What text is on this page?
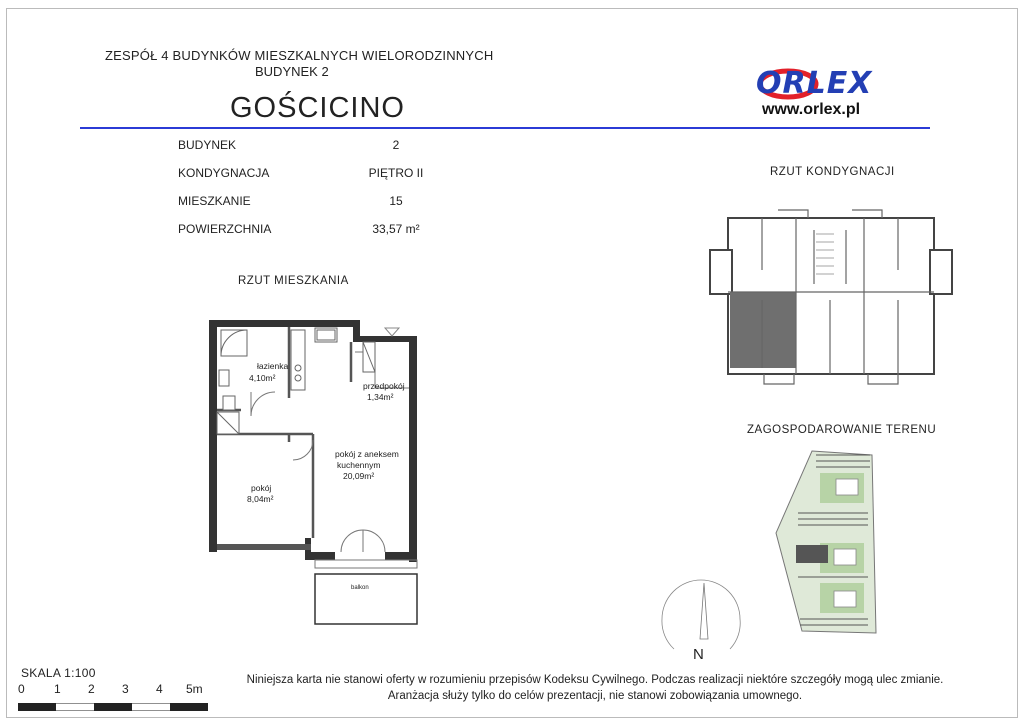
ZESPÓŁ 4 BUDYNKÓW MIESZKALNYCH WIELORODZINNYCH
BUDYNEK 2
GOŚCICINO
ORLEX
www.orlex.pl
BUDYNEK	2
KONDYGNACJA	PIĘTRO II
MIESZKANIE	15
POWIERZCHNIA	33,57 m²
RZUT KONDYGNACJI
RZUT MIESZKANIA
ZAGOSPODAROWANIE TERENU
łazienka
4,10m²
przedpokój
1,34m²
pokój z aneksem
kuchennym
20,09m²
pokój
8,04m²
balkon
N
SKALA 1:100
0 1 2 3 4 5m
Niniejsza karta nie stanowi oferty w rozumieniu przepisów Kodeksu Cywilnego. Podczas realizacji niektóre szczegóły mogą ulec zmianie.
Aranżacja służy tylko do celów prezentacji, nie stanowi zobowiązania umownego.
